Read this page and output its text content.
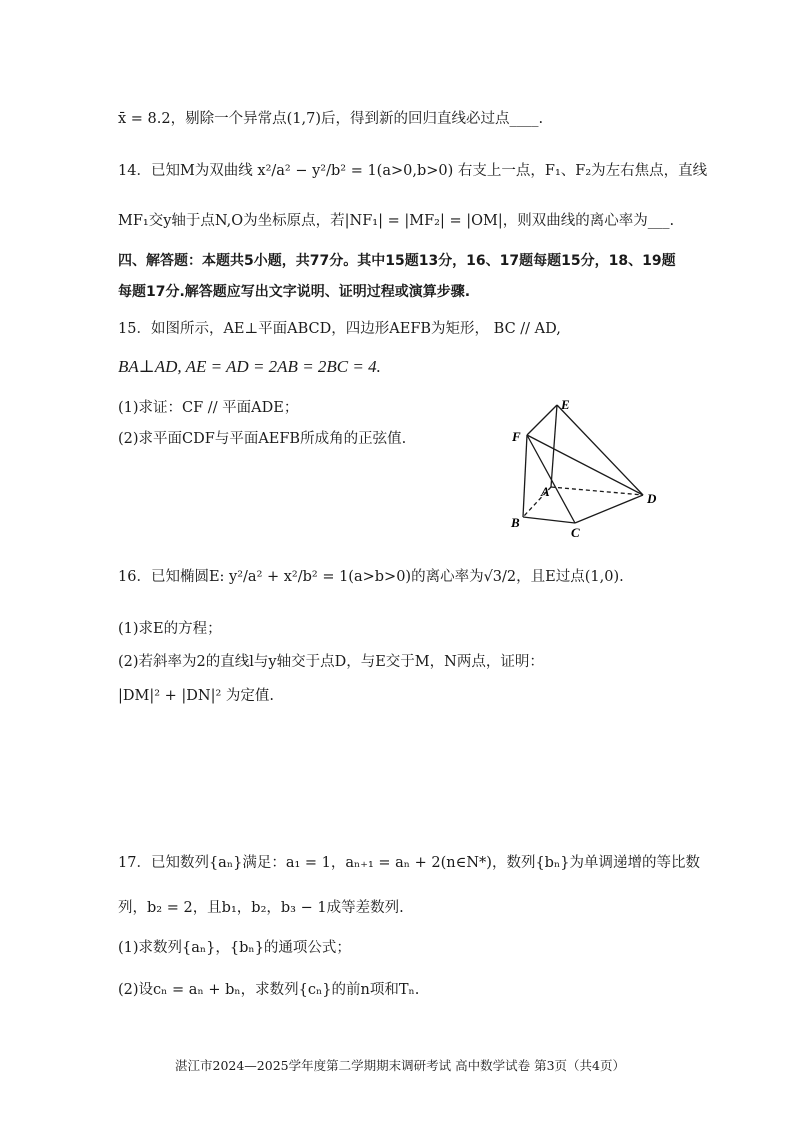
x̄ = 8.2，剔除一个异常点(1,7)后，得到新的回归直线必过点____.
14．已知M为双曲线 x²/a² − y²/b² = 1(a>0,b>0) 右支上一点，F₁、F₂为左右焦点，直线
MF₁交y轴于点N,O为坐标原点，若|NF₁| = |MF₂| = |OM|，则双曲线的离心率为___.
四、解答题：本题共5小题，共77分。其中15题13分，16、17题每题15分，18、19题
每题17分.解答题应写出文字说明、证明过程或演算步骤.
15．如图所示，AE⊥平面ABCD，四边形AEFB为矩形， BC // AD,
BA⊥AD, AE = AD = 2AB = 2BC = 4.
(1)求证：CF // 平面ADE；
(2)求平面CDF与平面AEFB所成角的正弦值.
E
F
A	D
B
C
16．已知椭圆E: y²/a² + x²/b² = 1(a>b>0)的离心率为√3/2，且E过点(1,0).
(1)求E的方程；
(2)若斜率为2的直线l与y轴交于点D，与E交于M，N两点，证明：
|DM|² + |DN|² 为定值.
17．已知数列{aₙ}满足：a₁ = 1，aₙ₊₁ = aₙ + 2(n∈N*)，数列{bₙ}为单调递增的等比数
列，b₂ = 2，且b₁，b₂，b₃ − 1成等差数列.
(1)求数列{aₙ}，{bₙ}的通项公式；
(2)设cₙ = aₙ + bₙ，求数列{cₙ}的前n项和Tₙ.
湛江市2024—2025学年度第二学期期末调研考试 高中数学试卷 第3页（共4页）
